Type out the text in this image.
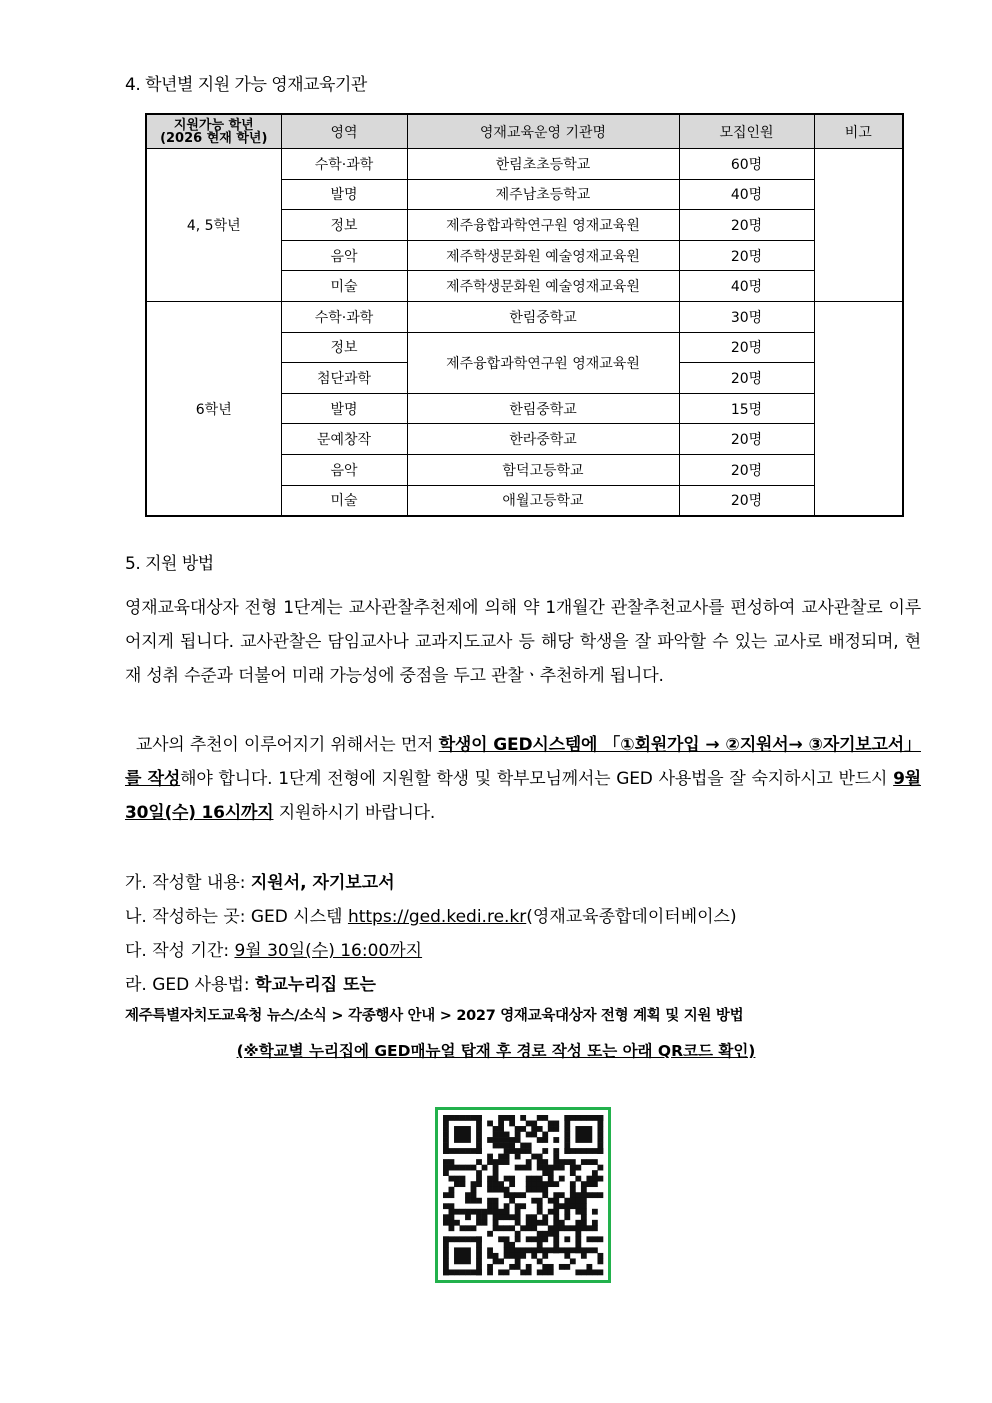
4. 학년별 지원 가능 영재교육기관
지원가능 학년
(2026 현재 학년)	영역	영재교육운영 기관명	모집인원	비고
4, 5학년	수학·과학	한림초초등학교	60명	
	발명	제주남초등학교	40명	
	정보	제주융합과학연구원 영재교육원	20명	
	음악	제주학생문화원 예술영재교육원	20명	
	미술	제주학생문화원 예술영재교육원	40명	
6학년	수학·과학	한림중학교	30명	
	정보	제주융합과학연구원 영재교육원	20명	
	첨단과학		20명	
	발명	한림중학교	15명	
	문예창작	한라중학교	20명	
	음악	함덕고등학교	20명	
	미술	애월고등학교	20명	
5. 지원 방법
영재교육대상자 전형 1단계는 교사관찰추천제에 의해 약 1개월간 관찰추천교사를 편성하여 교사관찰로 이루어지게 됩니다. 교사관찰은 담임교사나 교과지도교사 등 해당 학생을 잘 파악할 수 있는 교사로 배정되며, 현재 성취 수준과 더불어 미래 가능성에 중점을 두고 관찰ㆍ추천하게 됩니다.
교사의 추천이 이루어지기 위해서는 먼저 학생이 GED시스템에 「①회원가입 → ②지원서→ ③자기보고서」를 작성해야 합니다. 1단계 전형에 지원할 학생 및 학부모님께서는 GED 사용법을 잘 숙지하시고 반드시 9월 30일(수) 16시까지 지원하시기 바랍니다.
가. 작성할 내용: 지원서, 자기보고서
나. 작성하는 곳: GED 시스템 https://ged.kedi.re.kr(영재교육종합데이터베이스)
다. 작성 기간: 9월 30일(수) 16:00까지
라. GED 사용법: 학교누리집 또는
제주특별자치도교육청 뉴스/소식 > 각종행사 안내 > 2027 영재교육대상자 전형 계획 및 지원 방법
(※학교별 누리집에 GED매뉴얼 탑재 후 경로 작성 또는 아래 QR코드 확인)
